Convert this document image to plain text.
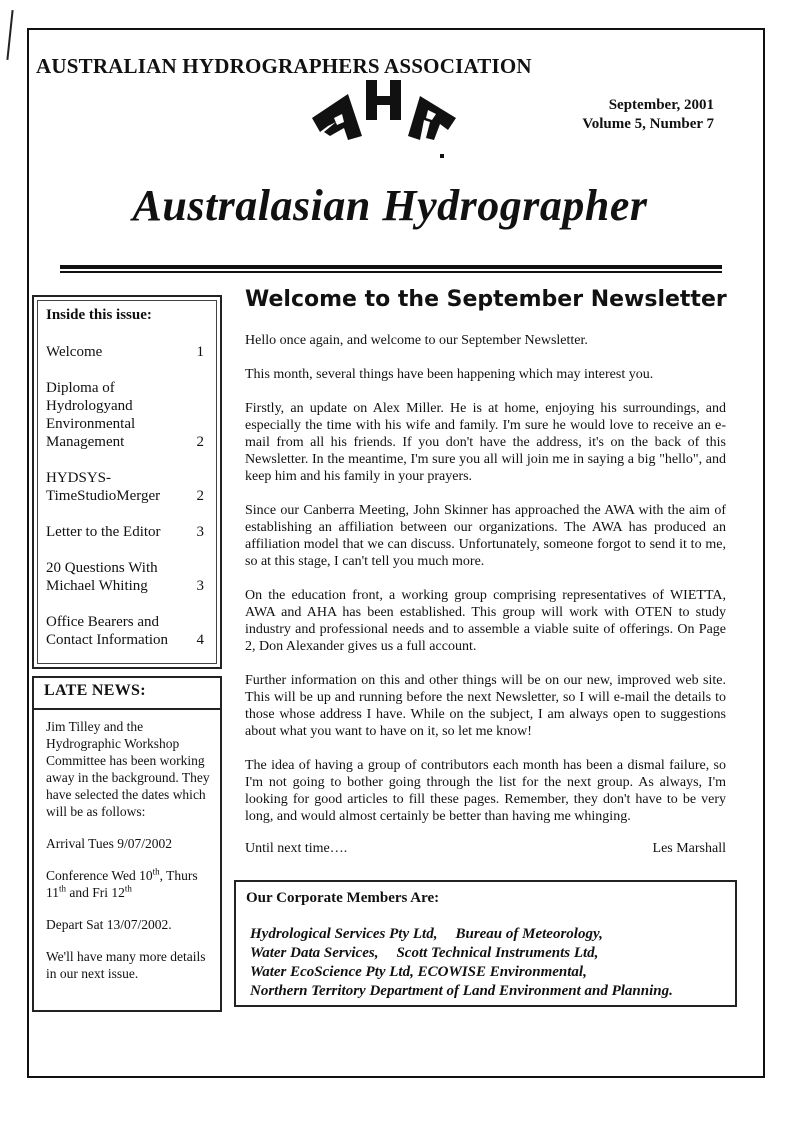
AUSTRALIAN HYDROGRAPHERS ASSOCIATION
September, 2001
Volume 5, Number 7
Australasian Hydrographer
Inside this issue:
Welcome	1
Diploma of Hydrologyand Environmental Management	2
HYDSYS-TimeStudioMerger 2
Letter to the Editor 3
20 Questions With Michael Whiting	3
Office Bearers and Contact Information 4
LATE NEWS:

Jim Tilley and the Hydrographic Workshop Committee has been working away in the background. They have selected the dates which will be as follows:

Arrival Tues 9/07/2002

Conference Wed 10th, Thurs 11th and Fri 12th

Depart Sat 13/07/2002.

We'll have many more details in our next issue.

Welcome to the September Newsletter

Hello once again, and welcome to our September Newsletter.

This month, several things have been happening which may interest you.

Firstly, an update on Alex Miller. He is at home, enjoying his surroundings, and especially the time with his wife and family. I'm sure he would love to receive an e-mail from all his friends. If you don't have the address, it's on the back of this Newsletter. In the meantime, I'm sure you all will join me in saying a big "hello", and keep him and his family in your prayers.

Since our Canberra Meeting, John Skinner has approached the AWA with the aim of establishing an affiliation between our organizations. The AWA has produced an affiliation model that we can discuss. Unfortunately, someone forgot to send it to me, so at this stage, I can't tell you much more.

On the education front, a working group comprising representatives of WIETTA, AWA and AHA has been established. This group will work with OTEN to study industry and professional needs and to assemble a viable suite of offerings. On Page 2, Don Alexander gives us a full account.

Further information on this and other things will be on our new, improved web site. This will be up and running before the next Newsletter, so I will e-mail the details to those whose address I have. While on the subject, I am always open to suggestions about what you want to have on it, so let me know!

The idea of having a group of contributors each month has been a dismal failure, so I'm not going to bother going through the list for the next group. As always, I'm looking for good articles to fill these pages. Remember, they don't have to be very long, and would almost certainly be better than having me whinging.

Until next time….	Les Marshall
Our Corporate Members Are:
Hydrological Services Pty Ltd, Bureau of Meteorology,
Water Data Services, Scott Technical Instruments Ltd,
Water EcoScience Pty Ltd, ECOWISE Environmental,
Northern Territory Department of Land Environment and Planning.
